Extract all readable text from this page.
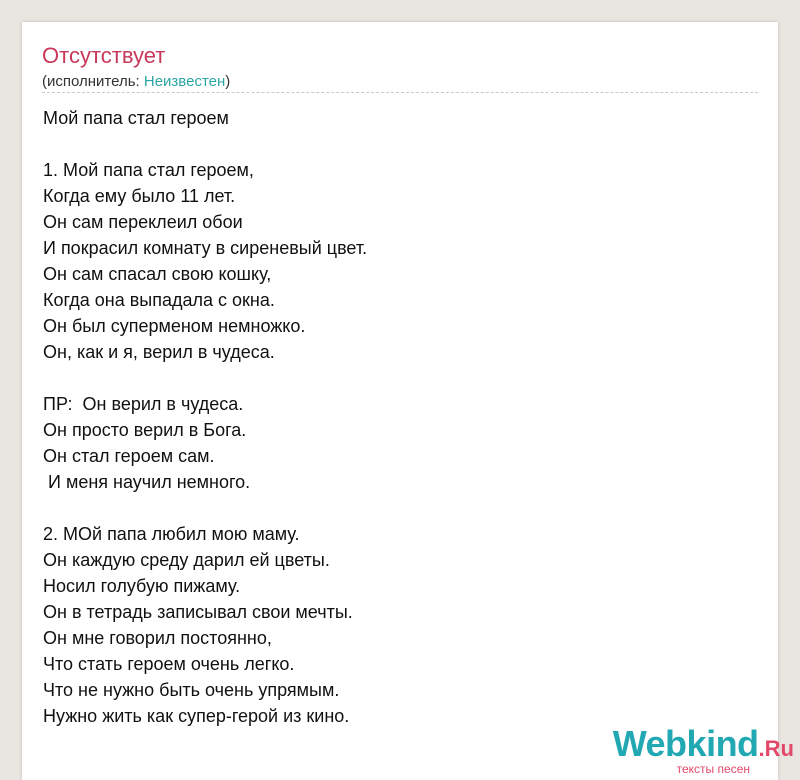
Отсутствует
(исполнитель: Неизвестен)
Мой папа стал героем
1. Мой папа стал героем,
Когда ему было 11 лет.
Он сам переклеил обои
И покрасил комнату в сиреневый цвет.
Он сам спасал свою кошку,
Когда она выпадала с окна.
Он был суперменом немножко.
Он, как и я, верил в чудеса.
ПР:  Он верил в чудеса.
Он просто верил в Бога.
Он стал героем сам.
И меня научил немного.
2. МОй папа любил мою маму.
Он каждую среду дарил ей цветы.
Носил голубую пижаму.
Он в тетрадь записывал свои мечты.
Он мне говорил постоянно,
Что стать героем очень легко.
Что не нужно быть очень упрямым.
Нужно жить как супер-герой из кино.
Webkind.Ru
тексты песен
